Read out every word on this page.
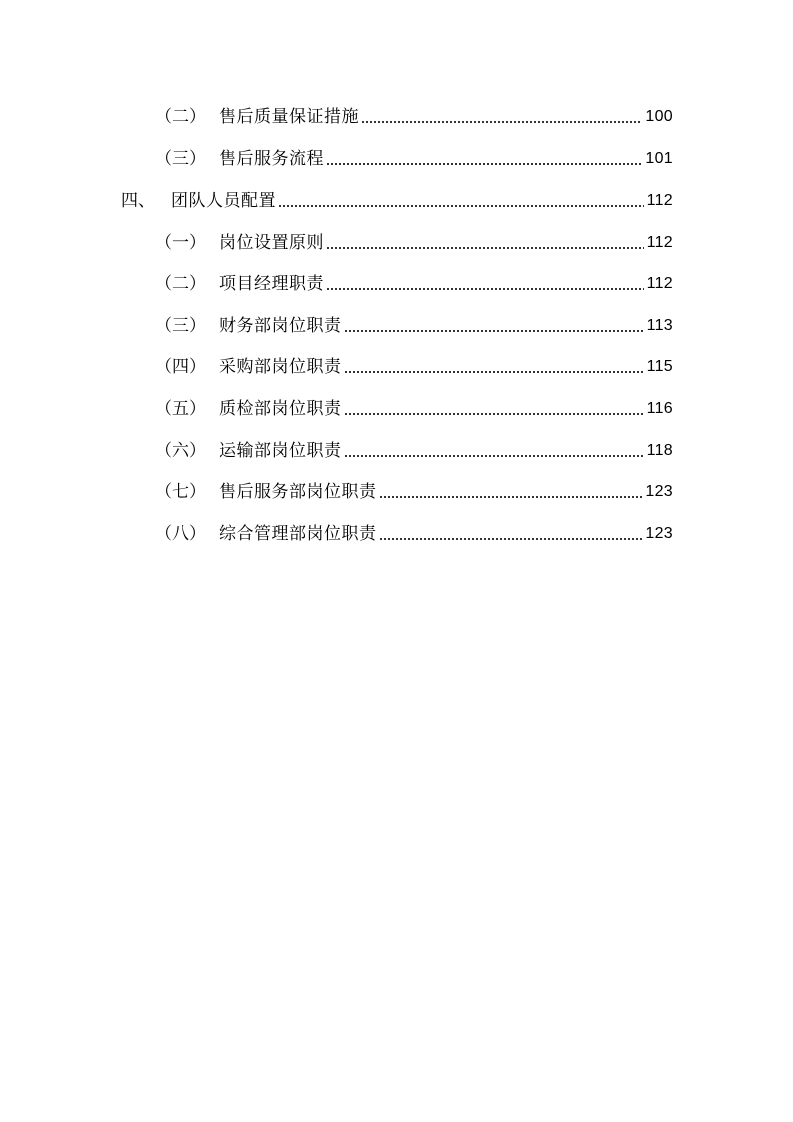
（二） 售后质量保证措施	100
（三） 售后服务流程	101
四、 团队人员配置	112
（一） 岗位设置原则	112
（二） 项目经理职责	112
（三） 财务部岗位职责	113
（四） 采购部岗位职责	115
（五） 质检部岗位职责	116
（六） 运输部岗位职责	118
（七） 售后服务部岗位职责	123
（八） 综合管理部岗位职责	123
